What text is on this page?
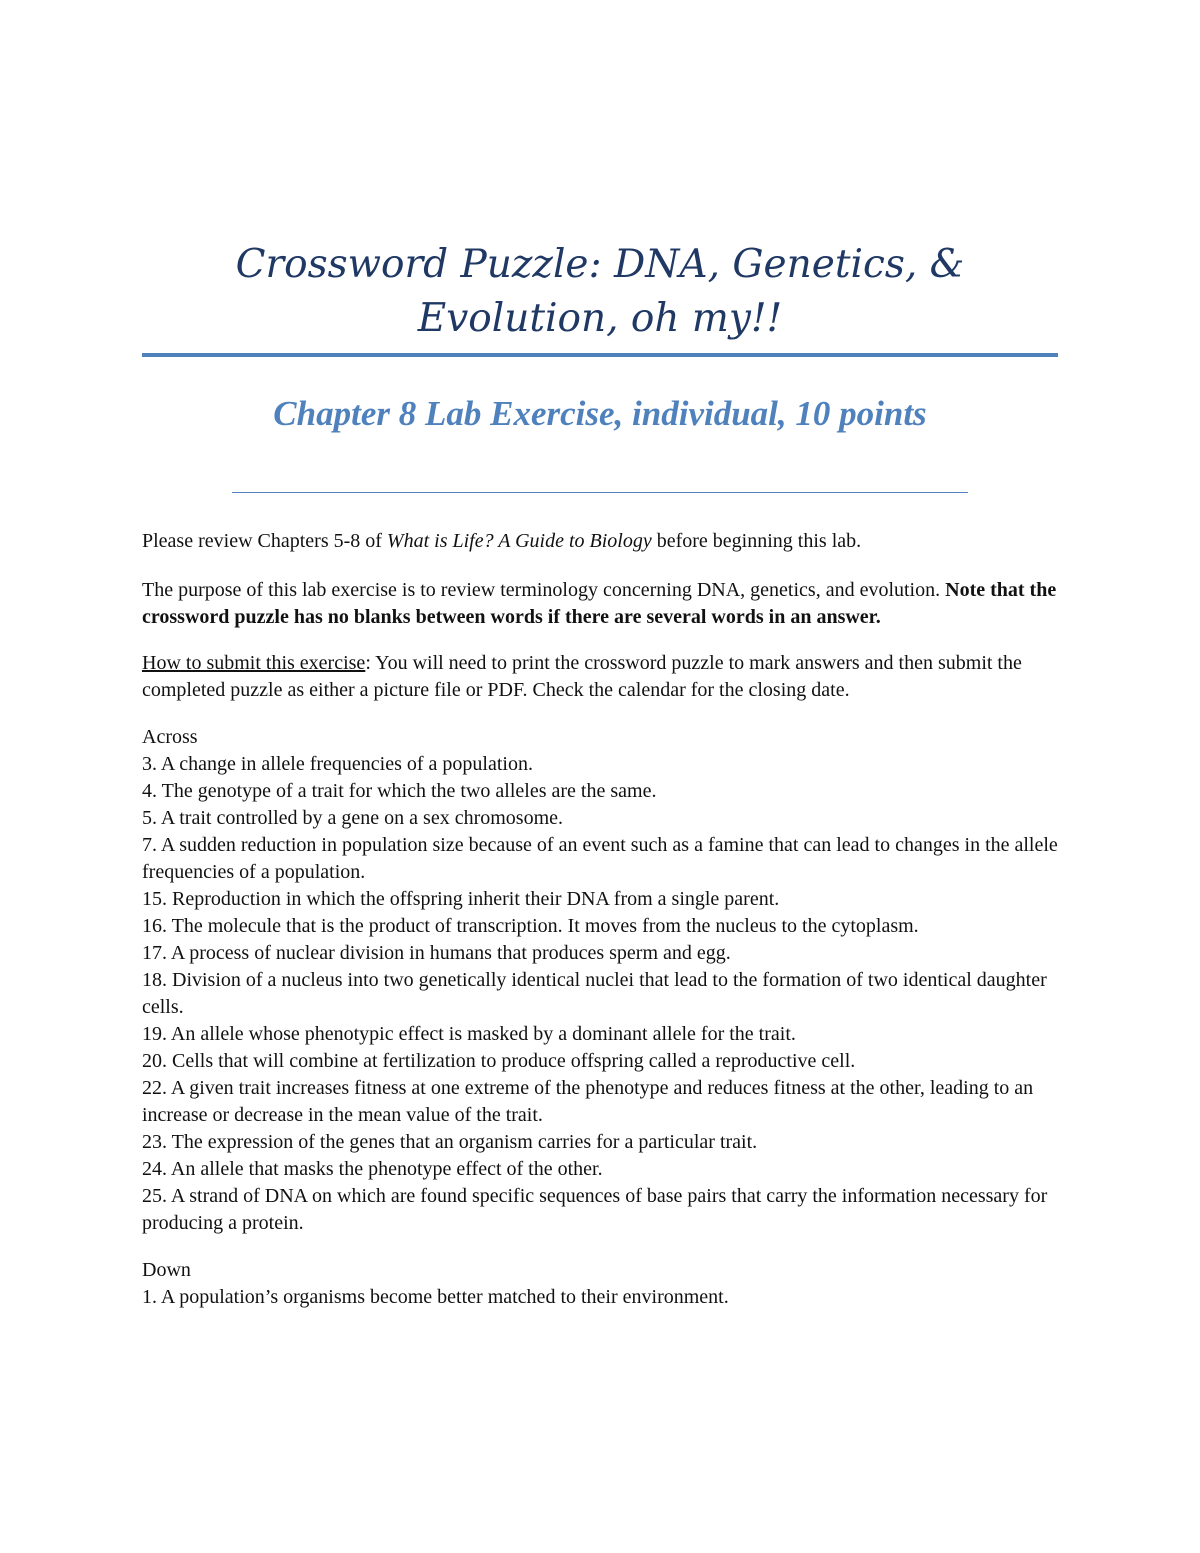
Crossword Puzzle: DNA, Genetics, & Evolution, oh my!!
Chapter 8 Lab Exercise, individual, 10 points

Please review Chapters 5-8 of What is Life? A Guide to Biology before beginning this lab.

The purpose of this lab exercise is to review terminology concerning DNA, genetics, and evolution. Note that the crossword puzzle has no blanks between words if there are several words in an answer.

How to submit this exercise: You will need to print the crossword puzzle to mark answers and then submit the completed puzzle as either a picture file or PDF. Check the calendar for the closing date.

Across

3. A change in allele frequencies of a population.

4. The genotype of a trait for which the two alleles are the same.

5. A trait controlled by a gene on a sex chromosome.

7. A sudden reduction in population size because of an event such as a famine that can lead to changes in the allele frequencies of a population.

15. Reproduction in which the offspring inherit their DNA from a single parent.

16. The molecule that is the product of transcription. It moves from the nucleus to the cytoplasm.

17. A process of nuclear division in humans that produces sperm and egg.

18. Division of a nucleus into two genetically identical nuclei that lead to the formation of two identical daughter cells.

19. An allele whose phenotypic effect is masked by a dominant allele for the trait.

20. Cells that will combine at fertilization to produce offspring called a reproductive cell.

22. A given trait increases fitness at one extreme of the phenotype and reduces fitness at the other, leading to an increase or decrease in the mean value of the trait.

23. The expression of the genes that an organism carries for a particular trait.

24. An allele that masks the phenotype effect of the other.

25. A strand of DNA on which are found specific sequences of base pairs that carry the information necessary for producing a protein.

Down

1. A population’s organisms become better matched to their environment.
